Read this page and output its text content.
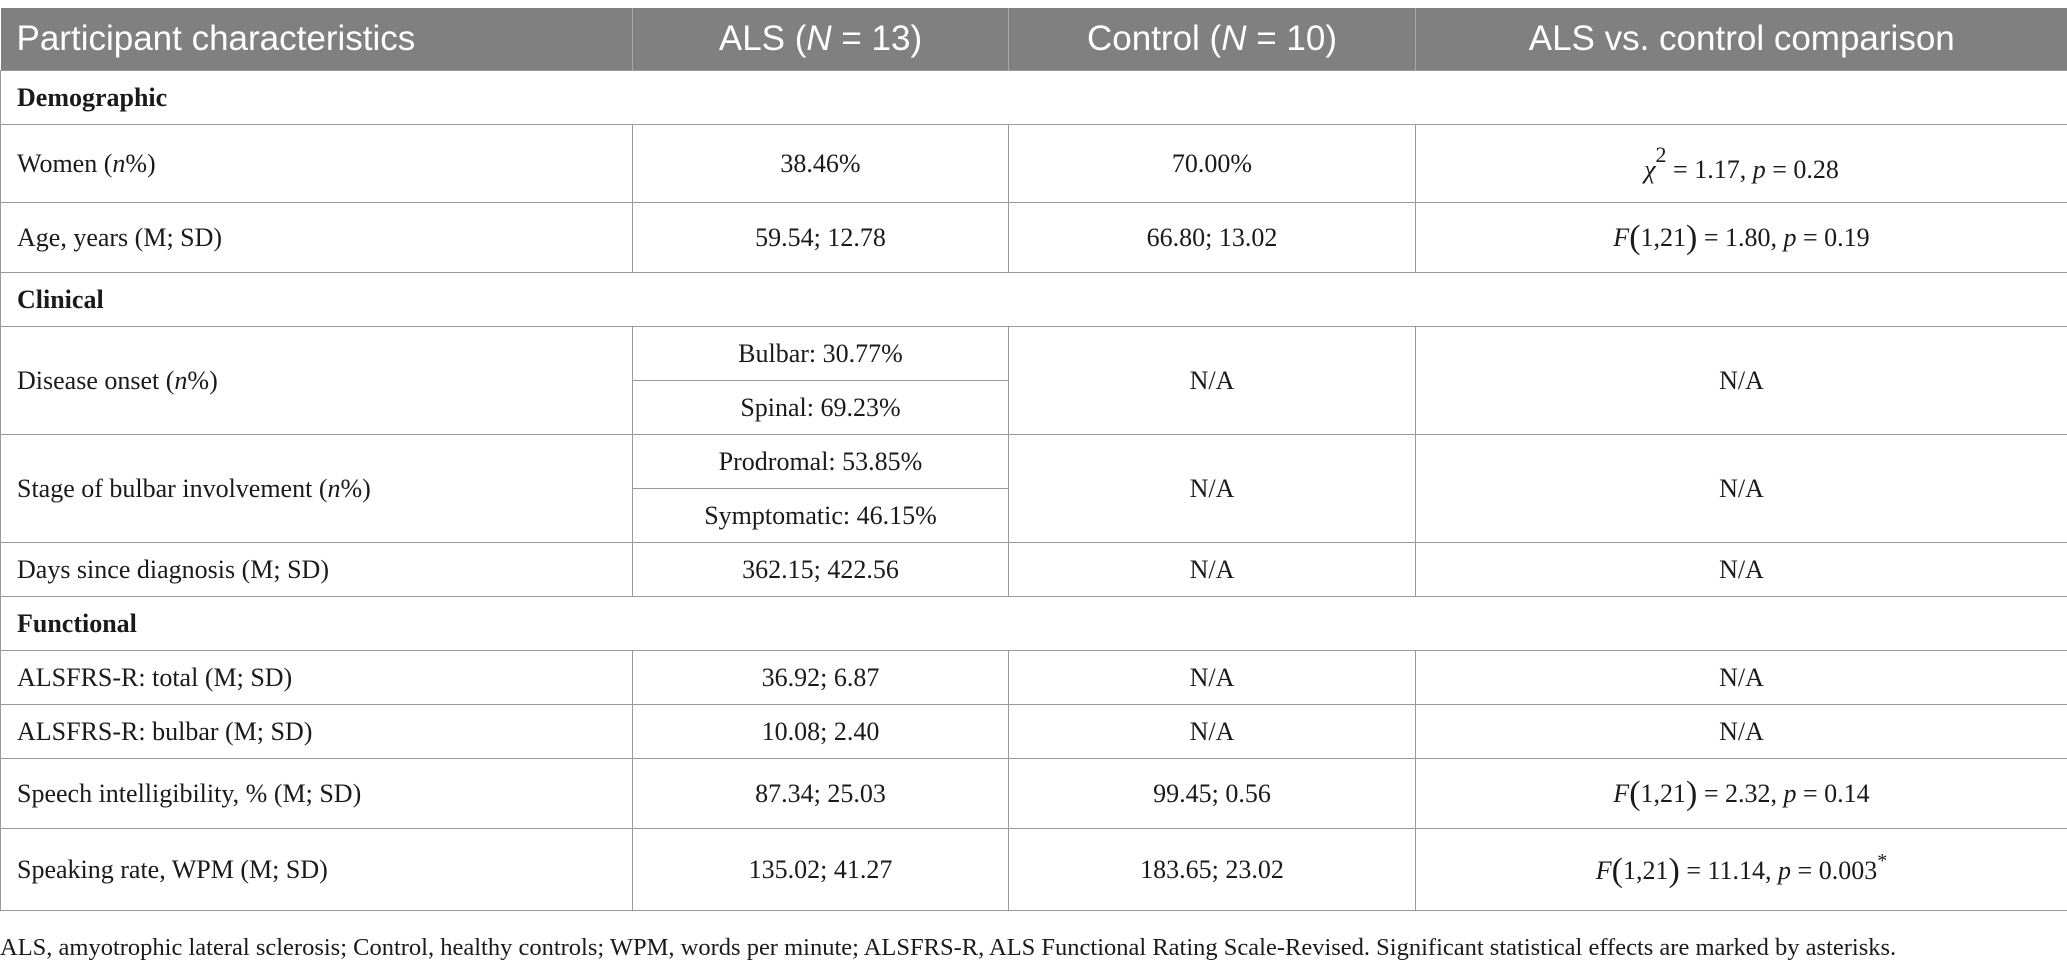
Participant characteristics	ALS (N = 13)	Control (N = 10)	ALS vs. control comparison
Demographic			
Women (n%)	38.46%	70.00%	$\chi^2 = 1.17$, p = 0.28
Age, years (M; SD)	59.54; 12.78	66.80; 13.02	F(1,21) = 1.80, p = 0.19
Clinical			
Disease onset (n%)	Bulbar: 30.77%	N/A	N/A
	Spinal: 69.23%		
Stage of bulbar involvement (n%)	Prodromal: 53.85%	N/A	N/A
	Symptomatic: 46.15%		
Days since diagnosis (M; SD)	362.15; 422.56	N/A	N/A
Functional			
ALSFRS-R: total (M; SD)	36.92; 6.87	N/A	N/A
ALSFRS-R: bulbar (M; SD)	10.08; 2.40	N/A	N/A
Speech intelligibility, % (M; SD)	87.34; 25.03	99.45; 0.56	F(1,21) = 2.32, p = 0.14
Speaking rate, WPM (M; SD)	135.02; 41.27	183.65; 23.02	F(1,21) = 11.14, p = 0.003*
ALS, amyotrophic lateral sclerosis; Control, healthy controls; WPM, words per minute; ALSFRS-R, ALS Functional Rating Scale-Revised. Significant statistical effects are marked by asterisks.
